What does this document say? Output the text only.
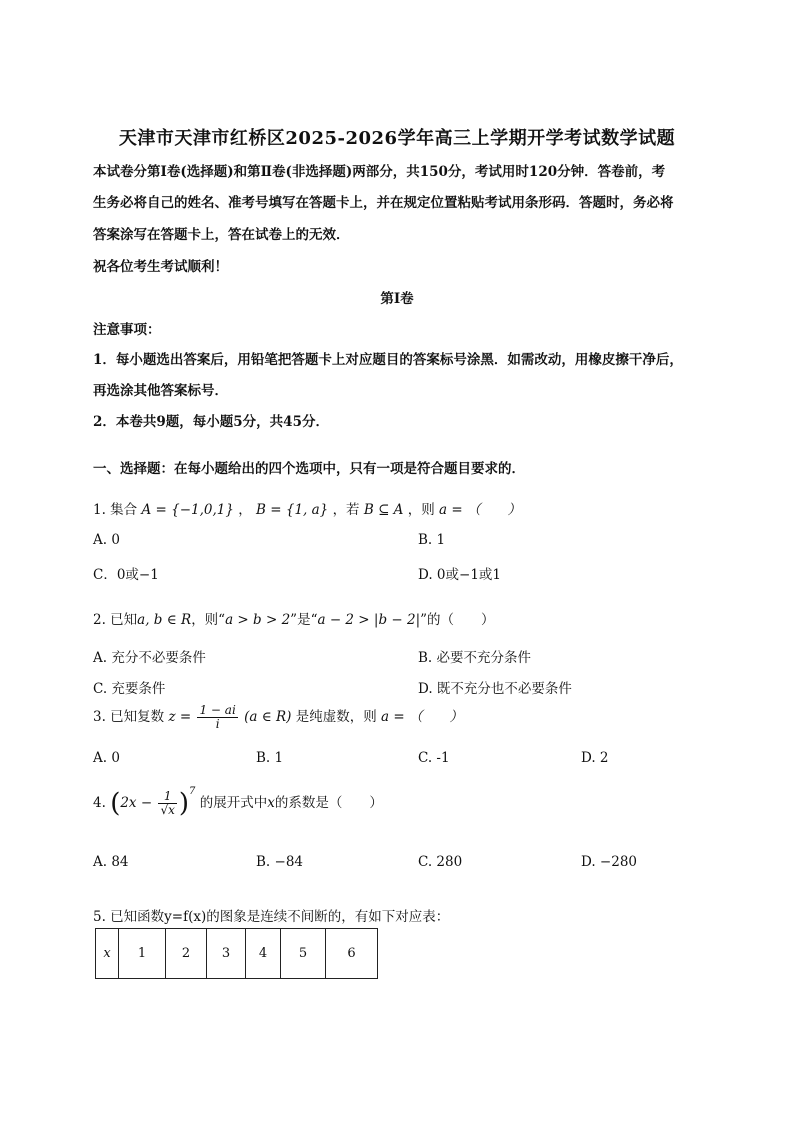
天津市天津市红桥区2025-2026学年高三上学期开学考试数学试题
本试卷分第Ⅰ卷(选择题)和第Ⅱ卷(非选择题)两部分，共150分，考试用时120分钟．答卷前，考
生务必将自己的姓名、准考号填写在答题卡上，并在规定位置粘贴考试用条形码．答题时，务必将
答案涂写在答题卡上，答在试卷上的无效．
祝各位考生考试顺利！
第Ⅰ卷
注意事项：
1．每小题选出答案后，用铅笔把答题卡上对应题目的答案标号涂黑．如需改动，用橡皮擦干净后，
再选涂其他答案标号．
2．本卷共9题，每小题5分，共45分．
一、选择题：在每小题给出的四个选项中，只有一项是符合题目要求的．
1. 集合 A = {−1,0,1} ， B = {1, a} ，若 B ⊆ A ，则 a = （　　）
A. 0	B. 1
C．0或−1	D. 0或−1或1
2. 已知a, b ∈ R，则“a > b > 2”是“a − 2 > |b − 2|”的（　　）
A. 充分不必要条件	B. 必要不充分条件
C. 充要条件	D. 既不充分也不必要条件
3. 已知复数 $z = \frac{1 - ai}{i} (a$ ∈ R) 是纯虚数，则 a = （　　）
A. 0	B. 1	C. -1	D. 2
4. $(2x - \frac{1}{√x} )^7$ 的展开式中x的系数是（　　）
A. 84	B. −84	C. 280	D. −280
5. 已知函数y=f(x)的图象是连续不间断的，有如下对应表：
x	1	2	3	4	5	6
